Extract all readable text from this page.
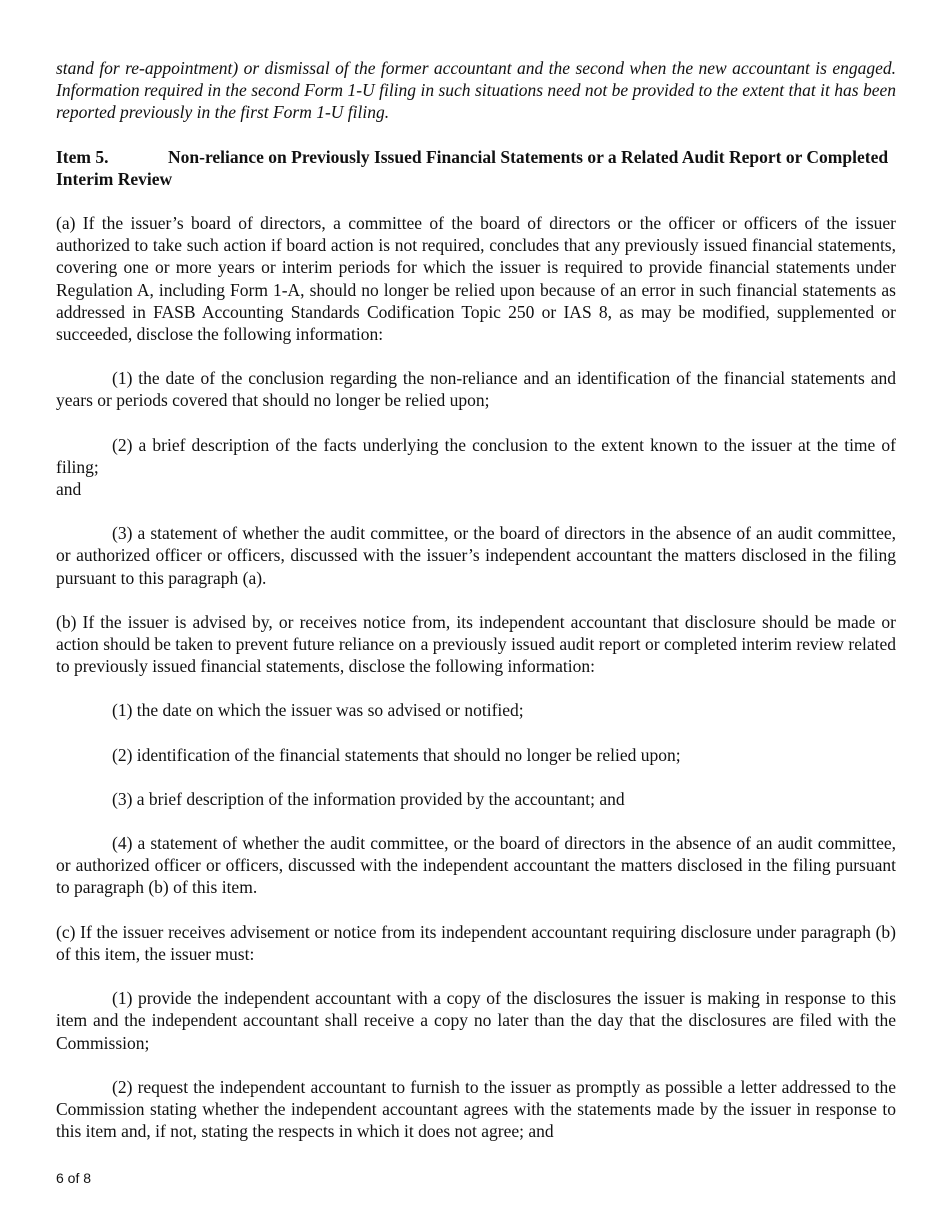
stand for re-appointment) or dismissal of the former accountant and the second when the new accountant is engaged. Information required in the second Form 1-U filing in such situations need not be provided to the extent that it has been reported previously in the first Form 1-U filing.

Item 5.	Non-reliance on Previously Issued Financial Statements or a Related Audit Report or Completed Interim Review

(a) If the issuer’s board of directors, a committee of the board of directors or the officer or officers of the issuer authorized to take such action if board action is not required, concludes that any previously issued financial statements, covering one or more years or interim periods for which the issuer is required to provide financial statements under Regulation A, including Form 1-A, should no longer be relied upon because of an error in such financial statements as addressed in FASB Accounting Standards Codification Topic 250 or IAS 8, as may be modified, supplemented or succeeded, disclose the following information:

(1) the date of the conclusion regarding the non-reliance and an identification of the financial statements and years or periods covered that should no longer be relied upon;

(2) a brief description of the facts underlying the conclusion to the extent known to the issuer at the time of filing;

and

(3) a statement of whether the audit committee, or the board of directors in the absence of an audit committee, or authorized officer or officers, discussed with the issuer’s independent accountant the matters disclosed in the filing pursuant to this paragraph (a).

(b) If the issuer is advised by, or receives notice from, its independent accountant that disclosure should be made or action should be taken to prevent future reliance on a previously issued audit report or completed interim review related to previously issued financial statements, disclose the following information:

(1) the date on which the issuer was so advised or notified;

(2) identification of the financial statements that should no longer be relied upon;

(3) a brief description of the information provided by the accountant; and

(4) a statement of whether the audit committee, or the board of directors in the absence of an audit committee, or authorized officer or officers, discussed with the independent accountant the matters disclosed in the filing pursuant to paragraph (b) of this item.

(c) If the issuer receives advisement or notice from its independent accountant requiring disclosure under paragraph (b) of this item, the issuer must:

(1) provide the independent accountant with a copy of the disclosures the issuer is making in response to this item and the independent accountant shall receive a copy no later than the day that the disclosures are filed with the Commission;

(2) request the independent accountant to furnish to the issuer as promptly as possible a letter addressed to the Commission stating whether the independent accountant agrees with the statements made by the issuer in response to this item and, if not, stating the respects in which it does not agree; and

6 of 8
